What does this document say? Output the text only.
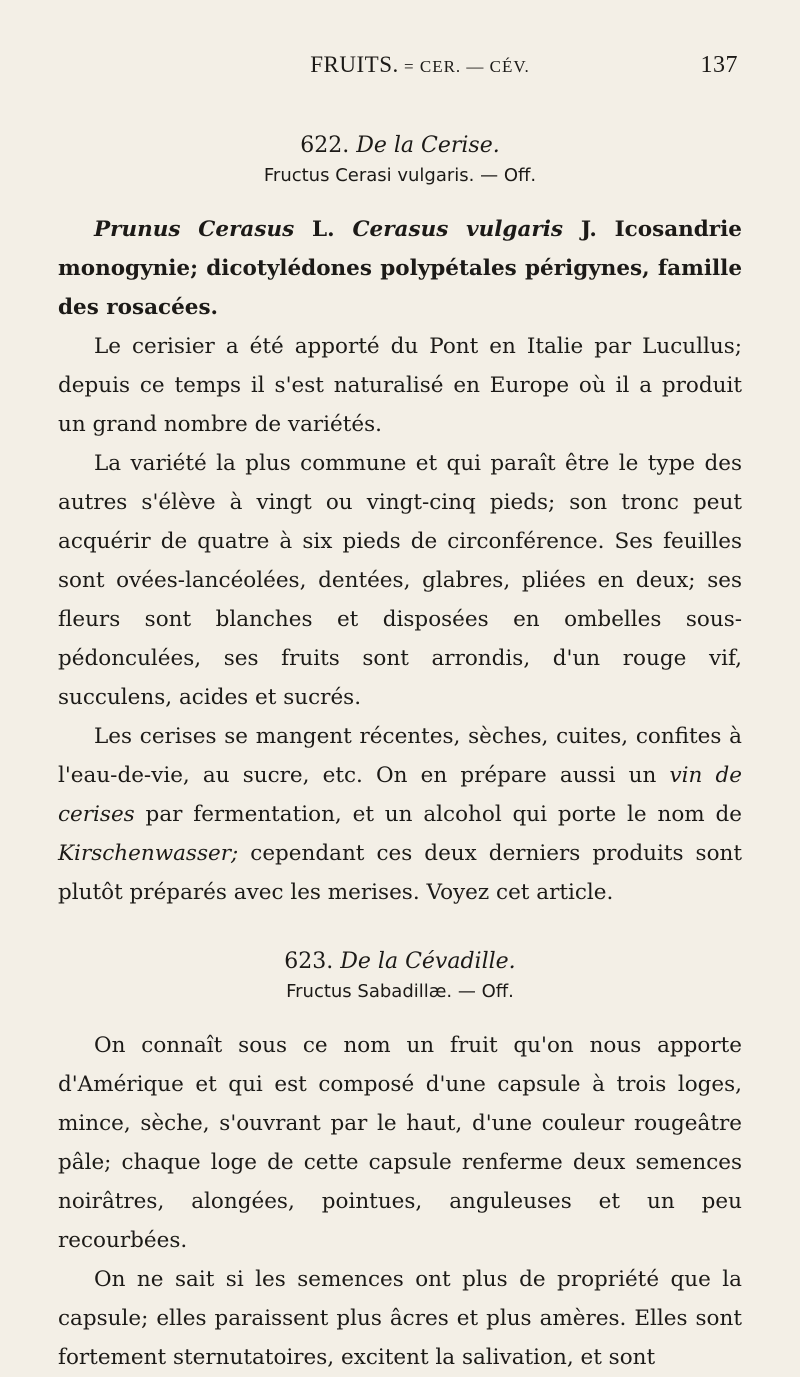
FRUITS. = CER. — CÉV.	137
622. De la Cerise.
Fructus Cerasi vulgaris. — Off.

Prunus Cerasus L. Cerasus vulgaris J. Icosandrie monogynie; dicotylédones polypétales périgynes, famille des rosacées.

Le cerisier a été apporté du Pont en Italie par Lucullus; depuis ce temps il s'est naturalisé en Europe où il a produit un grand nombre de variétés.

La variété la plus commune et qui paraît être le type des autres s'élève à vingt ou vingt-cinq pieds; son tronc peut acquérir de quatre à six pieds de circonférence. Ses feuilles sont ovées-lancéolées, dentées, glabres, pliées en deux; ses fleurs sont blanches et disposées en ombelles sous-pédonculées, ses fruits sont arrondis, d'un rouge vif, succulens, acides et sucrés.

Les cerises se mangent récentes, sèches, cuites, confites à l'eau-de-vie, au sucre, etc. On en prépare aussi un vin de cerises par fermentation, et un alcohol qui porte le nom de Kirschenwasser; cependant ces deux derniers produits sont plutôt préparés avec les merises. Voyez cet article.

623. De la Cévadille.
Fructus Sabadillæ. — Off.

On connaît sous ce nom un fruit qu'on nous apporte d'Amérique et qui est composé d'une capsule à trois loges, mince, sèche, s'ouvrant par le haut, d'une couleur rougeâtre pâle; chaque loge de cette capsule renferme deux semences noirâtres, alongées, pointues, anguleuses et un peu recourbées.

On ne sait si les semences ont plus de propriété que la capsule; elles paraissent plus âcres et plus amères. Elles sont fortement sternutatoires, excitent la salivation, et sont
